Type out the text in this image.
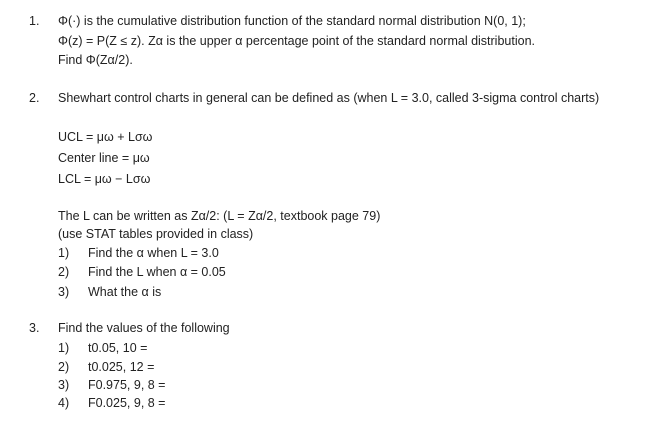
1. Φ(·) is the cumulative distribution function of the standard normal distribution N(0, 1);
Φ(z) = P(Z ≤ z). Zα is the upper α percentage point of the standard normal distribution.
Find Φ(Zα/2).
2. Shewhart control charts in general can be defined as (when L = 3.0, called 3-sigma control charts)
UCL = μω + Lσω
Center line = μω
LCL = μω − Lσω
The L can be written as Zα/2: (L = Zα/2, textbook page 79)
(use STAT tables provided in class)
1) Find the α when L = 3.0
2) Find the L when α = 0.05
3) What the α is
3. Find the values of the following
1) t0.05, 10 =
2) t0.025, 12 =
3) F0.975, 9, 8 =
4) F0.025, 9, 8 =
